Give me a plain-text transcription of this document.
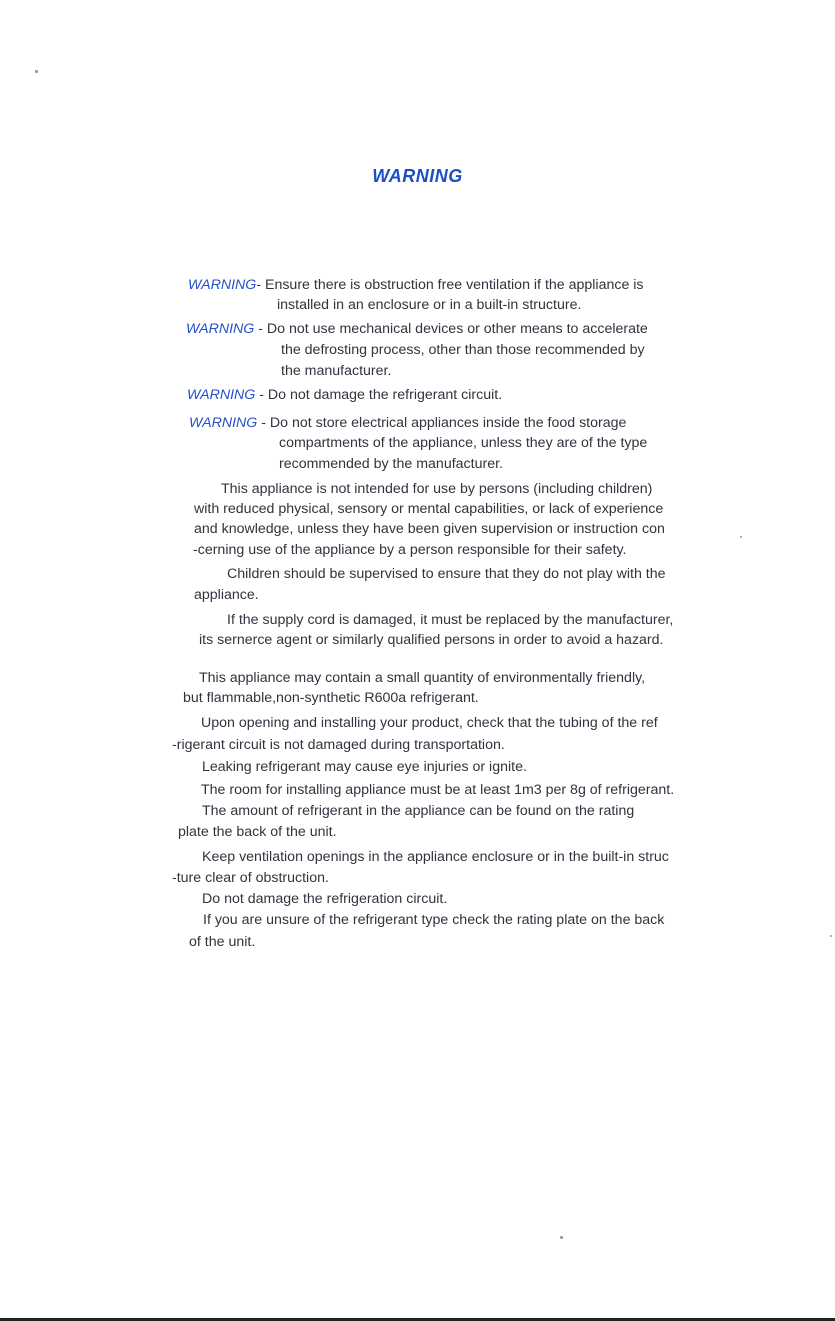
WARNING
WARNING- Ensure there is obstruction free ventilation if the appliance is
installed in an enclosure or in a built-in structure.
WARNING - Do not use mechanical devices or other means to accelerate
the defrosting process, other than those recommended by
the manufacturer.
WARNING - Do not damage the refrigerant circuit.
WARNING - Do not store electrical appliances inside the food storage
compartments of the appliance, unless they are of the type
recommended by the manufacturer.
This appliance is not intended for use by persons (including children)
with reduced physical, sensory or mental capabilities, or lack of experience
and knowledge, unless they have been given supervision or instruction con
-cerning use of the appliance by a person responsible for their safety.
Children should be supervised to ensure that they do not play with the
appliance.
If the supply cord is damaged, it must be replaced by the manufacturer,
its sernerce agent or similarly qualified persons in order to avoid a hazard.
This appliance may contain a small quantity of environmentally friendly,
but flammable,non-synthetic R600a refrigerant.
Upon opening and installing your product, check that the tubing of the ref
-rigerant circuit is not damaged during transportation.
Leaking refrigerant may cause eye injuries or ignite.
The room for installing appliance must be at least 1m3 per 8g of refrigerant.
The amount of refrigerant in the appliance can be found on the rating
plate the back of the unit.
Keep ventilation openings in the appliance enclosure or in the built-in struc
-ture clear of obstruction.
Do not damage the refrigeration circuit.
If you are unsure of the refrigerant type check the rating plate on the back
of the unit.
